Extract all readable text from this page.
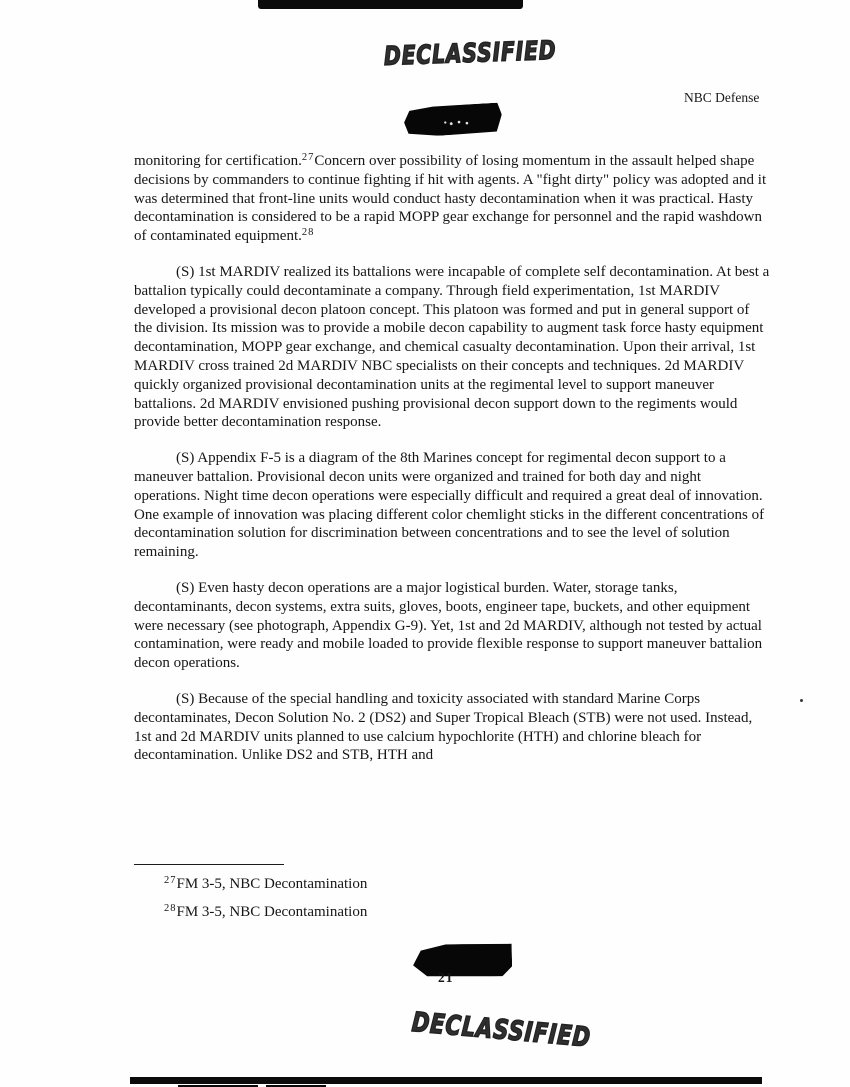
DECLASSIFIED
NBC Defense

monitoring for certification.$^{27}$Concern over possibility of losing momentum in the assault helped shape decisions by commanders to continue fighting if hit with agents. A "fight dirty" policy was adopted and it was determined that front-line units would conduct hasty decontamination when it was practical. Hasty decontamination is considered to be a rapid MOPP gear exchange for personnel and the rapid washdown of contaminated equipment.$^{28}$

(S) 1st MARDIV realized its battalions were incapable of complete self decontamination. At best a battalion typically could decontaminate a company. Through field experimentation, 1st MARDIV developed a provisional decon platoon concept. This platoon was formed and put in general support of the division. Its mission was to provide a mobile decon capability to augment task force hasty equipment decontamination, MOPP gear exchange, and chemical casualty decontamination. Upon their arrival, 1st MARDIV cross trained 2d MARDIV NBC specialists on their concepts and techniques. 2d MARDIV quickly organized provisional decontamination units at the regimental level to support maneuver battalions. 2d MARDIV envisioned pushing provisional decon support down to the regiments would provide better decontamination response.

(S) Appendix F-5 is a diagram of the 8th Marines concept for regimental decon support to a maneuver battalion. Provisional decon units were organized and trained for both day and night operations. Night time decon operations were especially difficult and required a great deal of innovation. One example of innovation was placing different color chemlight sticks in the different concentrations of decontamination solution for discrimination between concentrations and to see the level of solution remaining.

(S) Even hasty decon operations are a major logistical burden. Water, storage tanks, decontaminants, decon systems, extra suits, gloves, boots, engineer tape, buckets, and other equipment were necessary (see photograph, Appendix G-9). Yet, 1st and 2d MARDIV, although not tested by actual contamination, were ready and mobile loaded to provide flexible response to support maneuver battalion decon operations.

(S) Because of the special handling and toxicity associated with standard Marine Corps decontaminates, Decon Solution No. 2 (DS2) and Super Tropical Bleach (STB) were not used. Instead, 1st and 2d MARDIV units planned to use calcium hypochlorite (HTH) and chlorine bleach for decontamination. Unlike DS2 and STB, HTH and

$^{27}$FM 3-5, NBC Decontamination

$^{28}$FM 3-5, NBC Decontamination

21
DECLASSIFIED
